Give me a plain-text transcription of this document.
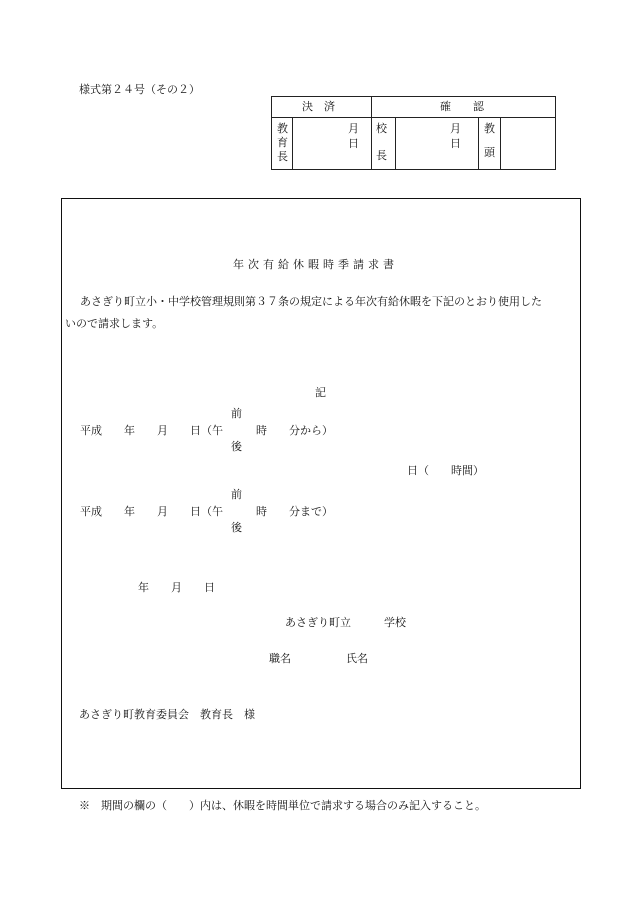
様式第２４号（その２）
決　済	確　　認
教
育
長
月
日
校
長
月
日
教
頭
年次有給休暇時季請求書
あさぎり町立小・中学校管理規則第３７条の規定による年次有給休暇を下記のとおり使用した
いので請求します。
記
前
平成　　年　　月　　日（午　　　時　　分から）
後
日（　　時間）
前
平成　　年　　月　　日（午　　　時　　分まで）
後
年　　月　　日
あさぎり町立　　　学校
職名　　　　　氏名
あさぎり町教育委員会　教育長　様
※　期間の欄の（　　）内は、休暇を時間単位で請求する場合のみ記入すること。
